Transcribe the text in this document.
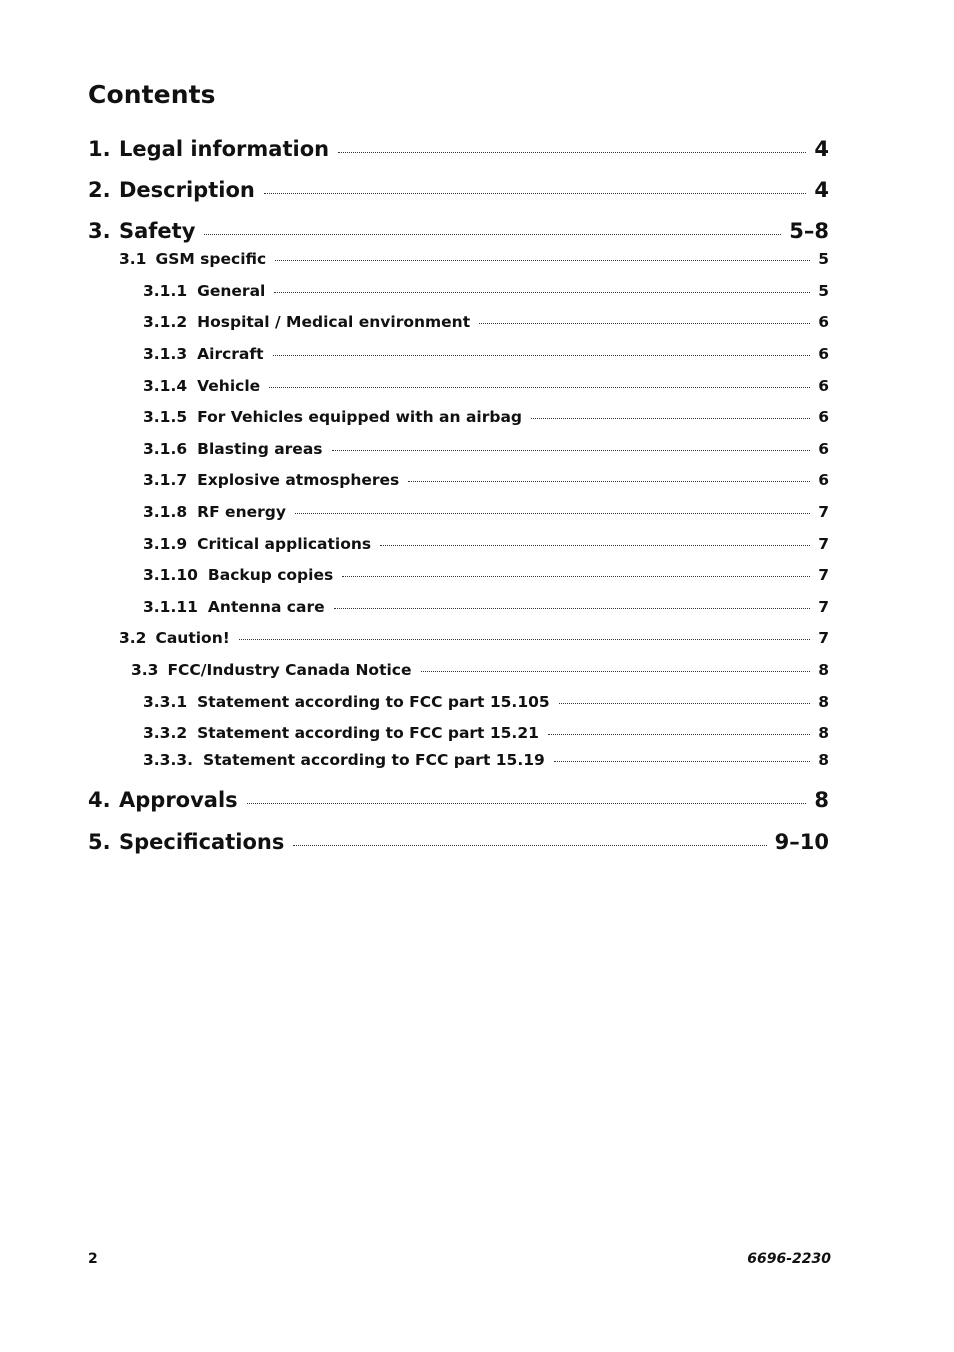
Contents
1. Legal information	4
2. Description	4
3. Safety	5–8
3.1 GSM specific	5
3.1.1 General	5
3.1.2 Hospital / Medical environment	6
3.1.3 Aircraft	6
3.1.4 Vehicle	6
3.1.5 For Vehicles equipped with an airbag	6
3.1.6 Blasting areas	6
3.1.7 Explosive atmospheres	6
3.1.8 RF energy	7
3.1.9 Critical applications	7
3.1.10 Backup copies	7
3.1.11 Antenna care	7
3.2 Caution!	7
3.3 FCC/Industry Canada Notice	8
3.3.1 Statement according to FCC part 15.105	8
3.3.2 Statement according to FCC part 15.21	8
3.3.3. Statement according to FCC part 15.19	8
4. Approvals	8
5. Specifications	9–10
2	6696-2230
